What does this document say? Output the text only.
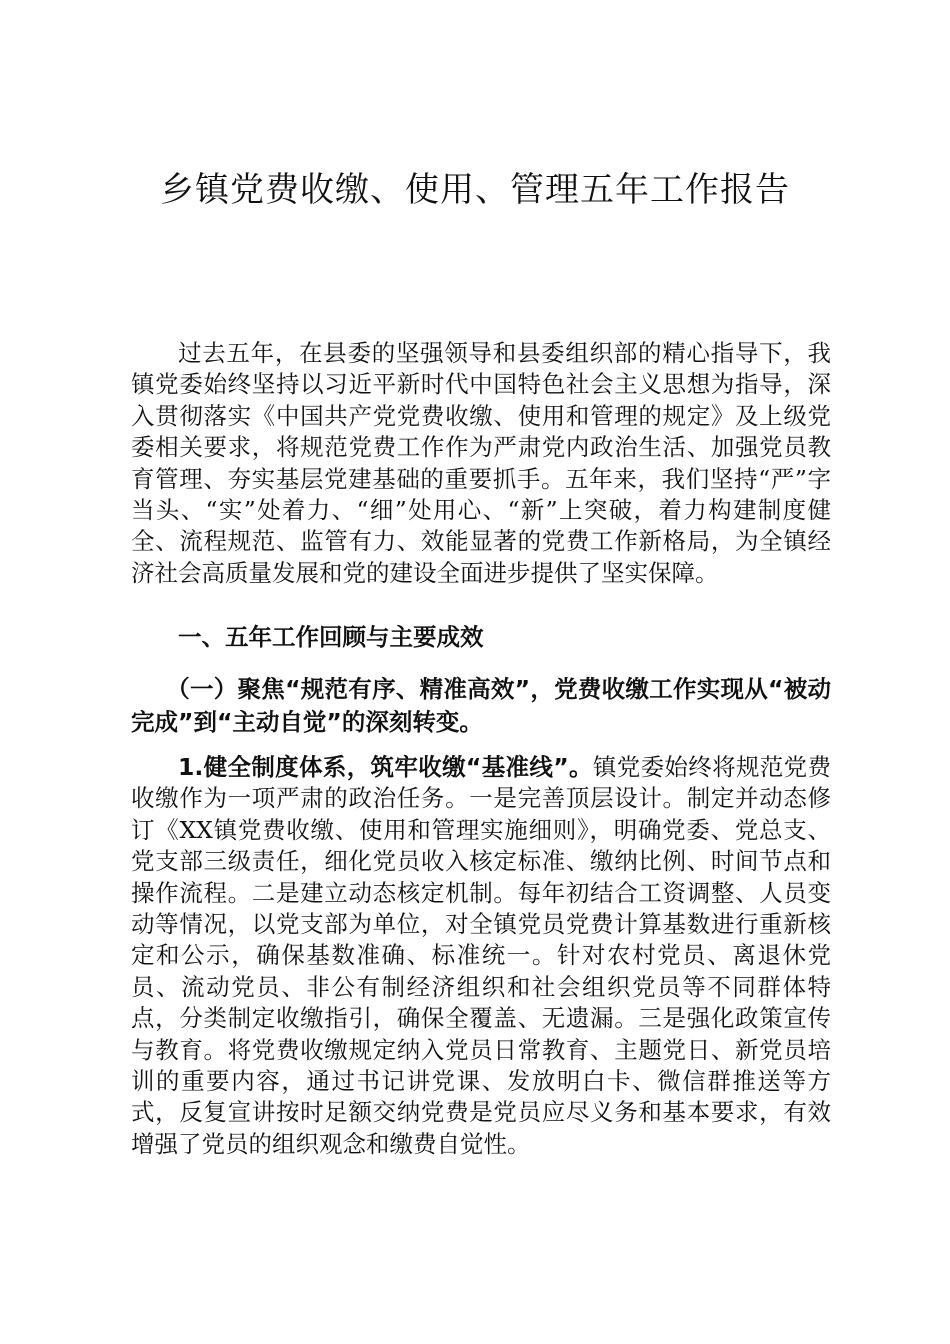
乡镇党费收缴、使用、管理五年工作报告

过去五年，在县委的坚强领导和县委组织部的精心指导下，我镇党委始终坚持以习近平新时代中国特色社会主义思想为指导，深入贯彻落实《中国共产党党费收缴、使用和管理的规定》及上级党委相关要求，将规范党费工作作为严肃党内政治生活、加强党员教育管理、夯实基层党建基础的重要抓手。五年来，我们坚持“严”字当头、“实”处着力、“细”处用心、“新”上突破，着力构建制度健全、流程规范、监管有力、效能显著的党费工作新格局，为全镇经济社会高质量发展和党的建设全面进步提供了坚实保障。

一、五年工作回顾与主要成效
（一）聚焦“规范有序、精准高效”，党费收缴工作实现从“被动完成”到“主动自觉”的深刻转变。

1.健全制度体系，筑牢收缴“基准线”。镇党委始终将规范党费收缴作为一项严肃的政治任务。一是完善顶层设计。制定并动态修订《XX镇党费收缴、使用和管理实施细则》，明确党委、党总支、党支部三级责任，细化党员收入核定标准、缴纳比例、时间节点和操作流程。二是建立动态核定机制。每年初结合工资调整、人员变动等情况，以党支部为单位，对全镇党员党费计算基数进行重新核定和公示，确保基数准确、标准统一。针对农村党员、离退休党员、流动党员、非公有制经济组织和社会组织党员等不同群体特点，分类制定收缴指引，确保全覆盖、无遗漏。三是强化政策宣传与教育。将党费收缴规定纳入党员日常教育、主题党日、新党员培训的重要内容，通过书记讲党课、发放明白卡、微信群推送等方式，反复宣讲按时足额交纳党费是党员应尽义务和基本要求，有效增强了党员的组织观念和缴费自觉性。
